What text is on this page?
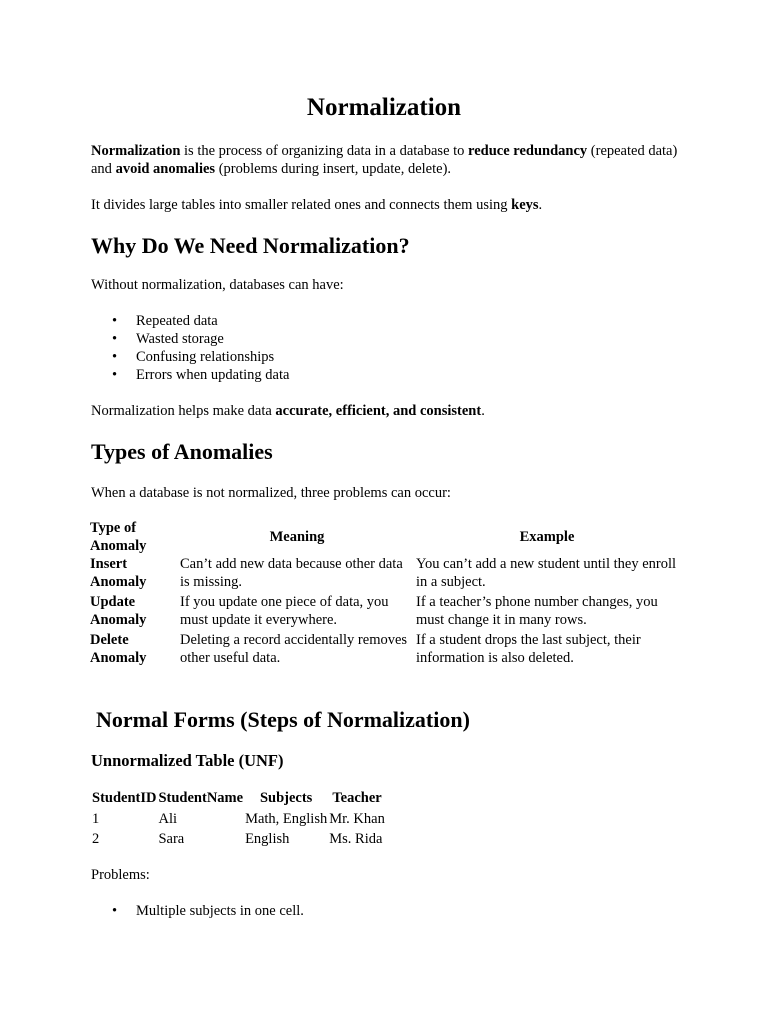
Normalization

Normalization is the process of organizing data in a database to reduce redundancy (repeated data) and avoid anomalies (problems during insert, update, delete).

It divides large tables into smaller related ones and connects them using keys.

Why Do We Need Normalization?

Without normalization, databases can have:

• Repeated data
• Wasted storage
• Confusing relationships
• Errors when updating data

Normalization helps make data accurate, efficient, and consistent.

Types of Anomalies

When a database is not normalized, three problems can occur:

Type of Anomaly	Meaning	Example
Insert Anomaly	Can’t add new data because other data is missing.	You can’t add a new student until they enroll in a subject.
Update Anomaly	If you update one piece of data, you must update it everywhere.	If a teacher’s phone number changes, you must change it in many rows.
Delete Anomaly	Deleting a record accidentally removes other useful data.	If a student drops the last subject, their information is also deleted.
Normal Forms (Steps of Normalization)
Unnormalized Table (UNF)
StudentID	StudentName	Subjects	Teacher
1	Ali	Math, English	Mr. Khan
2	Sara	English	Ms. Rida

Problems:

• Multiple subjects in one cell.
